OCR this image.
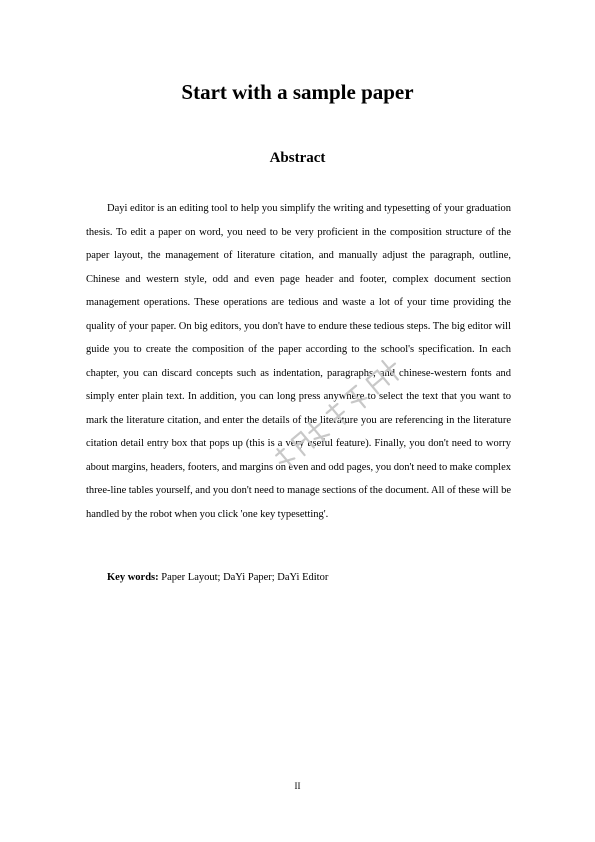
Start with a sample paper
Abstract

Dayi editor is an editing tool to help you simplify the writing and typesetting of your graduation thesis. To edit a paper on word, you need to be very proficient in the composition structure of the paper layout, the management of literature citation, and manually adjust the paragraph, outline, Chinese and western style, odd and even page header and footer, complex document section management operations. These operations are tedious and waste a lot of your time providing the quality of your paper. On big editors, you don't have to endure these tedious steps. The big editor will guide you to create the composition of the paper according to the school's specification. In each chapter, you can discard concepts such as indentation, paragraphs, and chinese-western fonts and simply enter plain text. In addition, you can long press anywhere to select the text that you want to mark the literature citation, and enter the details of the literature you are referencing in the literature citation detail entry box that pops up (this is a very useful feature). Finally, you don't need to worry about margins, headers, footers, and margins on even and odd pages, you don't need to make complex three-line tables yourself, and you don't need to manage sections of the document. All of these will be handled by the robot when you click 'one key typesetting'.

Key words: Paper Layout; DaYi Paper; DaYi Editor
II
